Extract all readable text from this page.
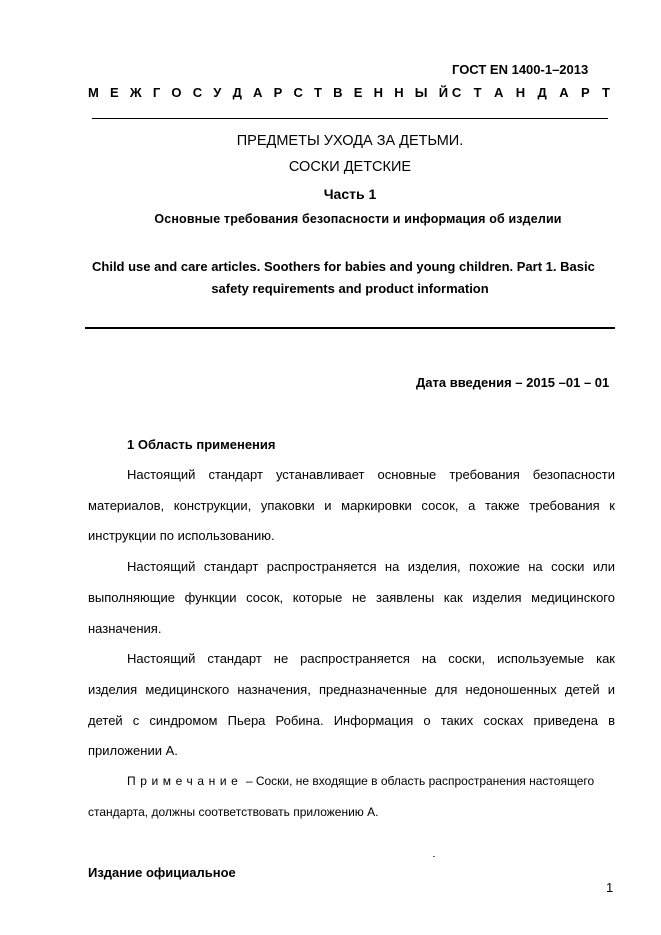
ГОСТ EN 1400-1–2013
М Е Ж Г О С У Д А Р С Т В Е Н Н Ы Й С Т А Н Д А Р Т
ПРЕДМЕТЫ УХОДА ЗА ДЕТЬМИ.
СОСКИ ДЕТСКИЕ
Часть 1
Основные требования безопасности и информация об изделии
Child use and care articles. Soothers for babies and young children. Part 1. Basic
safety requirements and product information
Дата введения – 2015 –01 – 01
1 Область применения
Настоящий стандарт устанавливает основные требования безопасности
материалов, конструкции, упаковки и маркировки сосок, а также требования к
инструкции по использованию.
Настоящий стандарт распространяется на изделия, похожие на соски или
выполняющие функции сосок, которые не заявлены как изделия медицинского
назначения.
Настоящий стандарт не распространяется на соски, используемые как
изделия медицинского назначения, предназначенные для недоношенных детей и
детей с синдромом Пьера Робина. Информация о таких сосках приведена в
приложении А.
Примечание – Соски, не входящие в область распространения настоящего
стандарта, должны соответствовать приложению А.
Издание официальное
1
